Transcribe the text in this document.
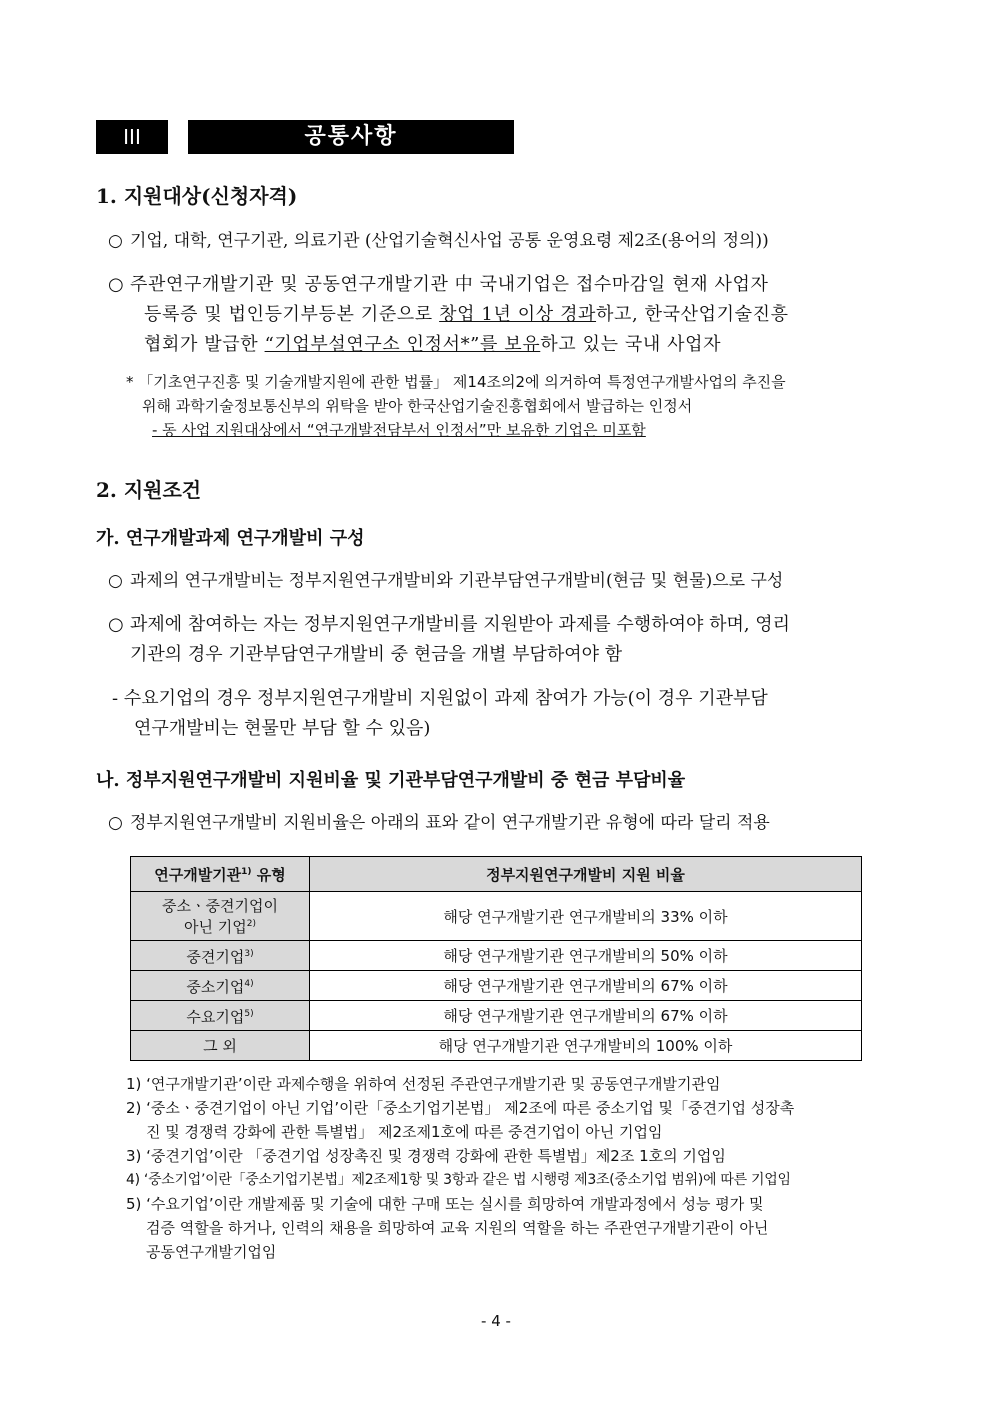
III	공통사항
1. 지원대상(신청자격)
○ 기업, 대학, 연구기관, 의료기관 (산업기술혁신사업 공통 운영요령 제2조(용어의 정의))
○ 주관연구개발기관 및 공동연구개발기관 中 국내기업은 접수마감일 현재 사업자
등록증 및 법인등기부등본 기준으로 창업 1년 이상 경과하고, 한국산업기술진흥
협회가 발급한 “기업부설연구소 인정서*”를 보유하고 있는 국내 사업자
* 「기초연구진흥 및 기술개발지원에 관한 법률」 제14조의2에 의거하여 특정연구개발사업의 추진을
위해 과학기술정보통신부의 위탁을 받아 한국산업기술진흥협회에서 발급하는 인정서
- 동 사업 지원대상에서 “연구개발전담부서 인정서”만 보유한 기업은 미포함
2. 지원조건
가. 연구개발과제 연구개발비 구성
○ 과제의 연구개발비는 정부지원연구개발비와 기관부담연구개발비(현금 및 현물)으로 구성
○ 과제에 참여하는 자는 정부지원연구개발비를 지원받아 과제를 수행하여야 하며, 영리
기관의 경우 기관부담연구개발비 중 현금을 개별 부담하여야 함
- 수요기업의 경우 정부지원연구개발비 지원없이 과제 참여가 가능(이 경우 기관부담
연구개발비는 현물만 부담 할 수 있음)
나. 정부지원연구개발비 지원비율 및 기관부담연구개발비 중 현금 부담비율
○ 정부지원연구개발비 지원비율은 아래의 표와 같이 연구개발기관 유형에 따라 달리 적용
연구개발기관$^{1)}$ 유형	정부지원연구개발비 지원 비율

중소ㆍ중견기업이
아닌 기업$^{2)}$	해당 연구개발기관 연구개발비의 33% 이하
중견기업$^{3)}$	해당 연구개발기관 연구개발비의 50% 이하
중소기업$^{4)}$	해당 연구개발기관 연구개발비의 67% 이하
수요기업$^{5)}$	해당 연구개발기관 연구개발비의 67% 이하
그 외	해당 연구개발기관 연구개발비의 100% 이하
1) ‘연구개발기관’이란 과제수행을 위하여 선정된 주관연구개발기관 및 공동연구개발기관임
2) ‘중소ㆍ중견기업이 아닌 기업’이란「중소기업기본법」 제2조에 따른 중소기업 및「중견기업 성장촉
진 및 경쟁력 강화에 관한 특별법」 제2조제1호에 따른 중견기업이 아닌 기업임
3) ‘중견기업’이란 「중견기업 성장촉진 및 경쟁력 강화에 관한 특별법」제2조 1호의 기업임
4) ‘중소기업’이란「중소기업기본법」제2조제1항 및 3항과 같은 법 시행령 제3조(중소기업 범위)에 따른 기업임
5) ‘수요기업’이란 개발제품 및 기술에 대한 구매 또는 실시를 희망하여 개발과정에서 성능 평가 및
검증 역할을 하거나, 인력의 채용을 희망하여 교육 지원의 역할을 하는 주관연구개발기관이 아닌
공동연구개발기업임
- 4 -
